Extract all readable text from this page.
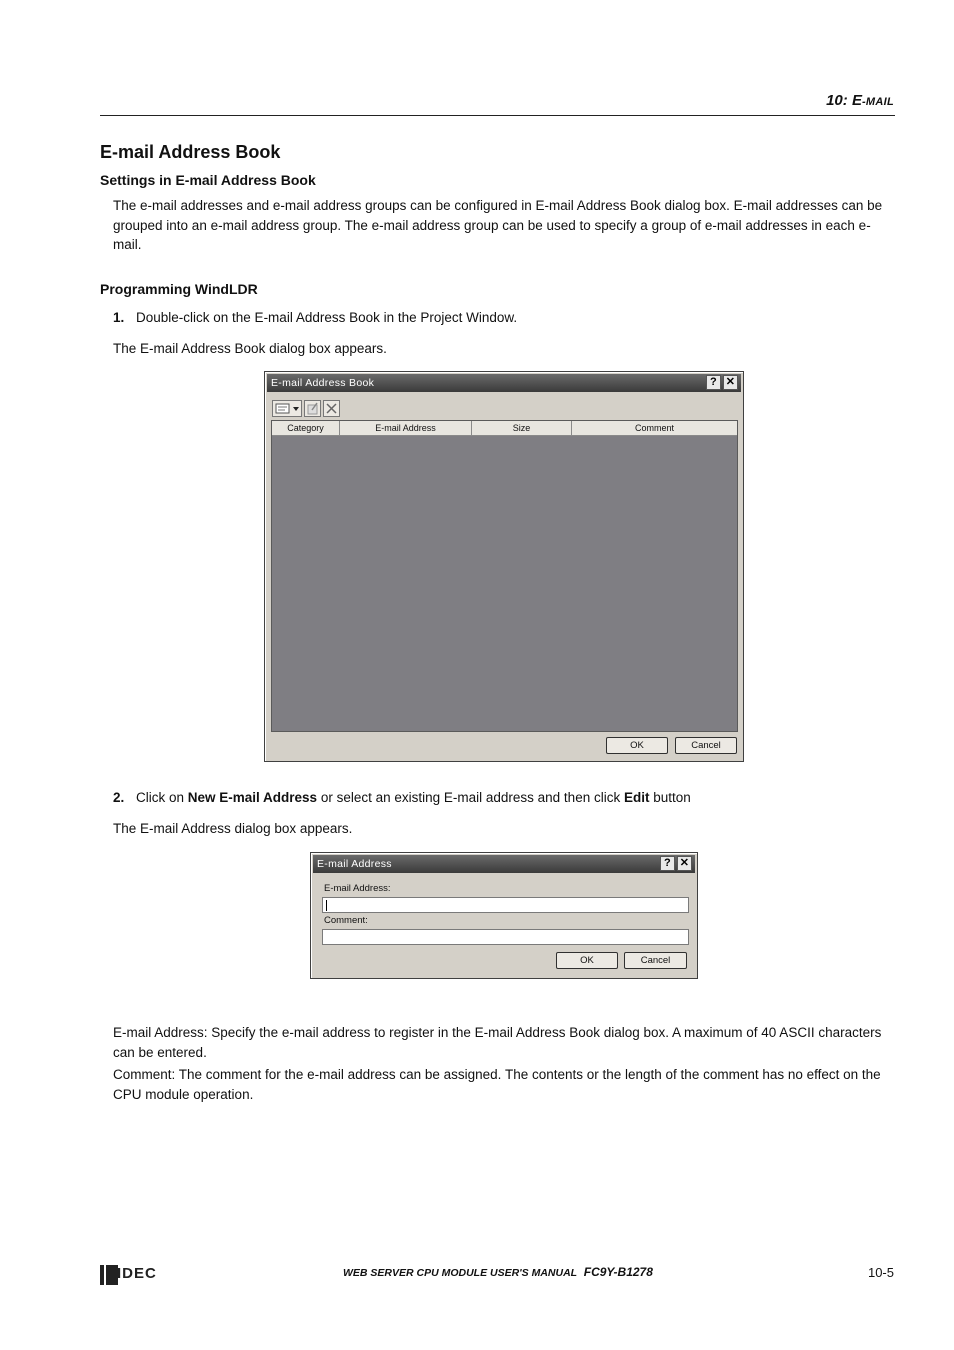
10: E-MAIL
E-mail Address Book
Settings in E-mail Address Book
The e-mail addresses and e-mail address groups can be configured in E-mail Address Book dialog box. E-mail addresses can be grouped into an e-mail address group. The e-mail address group can be used to specify a group of e-mail addresses in each e-mail.
Programming WindLDR
1. Double-click on the E-mail Address Book in the Project Window.
The E-mail Address Book dialog box appears.
E-mail Address Book	? ✕
Category	E-mail Address	Size	Comment
OK	Cancel
2. Click on New E-mail Address or select an existing E-mail address and then click Edit button
The E-mail Address dialog box appears.
E-mail Address	? ✕
E-mail Address:
Comment:
OK	Cancel
E-mail Address: Specify the e-mail address to register in the E-mail Address Book dialog box. A maximum of 40 ASCII characters can be entered.
Comment: The comment for the e-mail address can be assigned. The contents or the length of the comment has no effect on the CPU module operation.
IDEC	WEB SERVER CPU MODULE USER'S MANUAL FC9Y-B1278	10-5
